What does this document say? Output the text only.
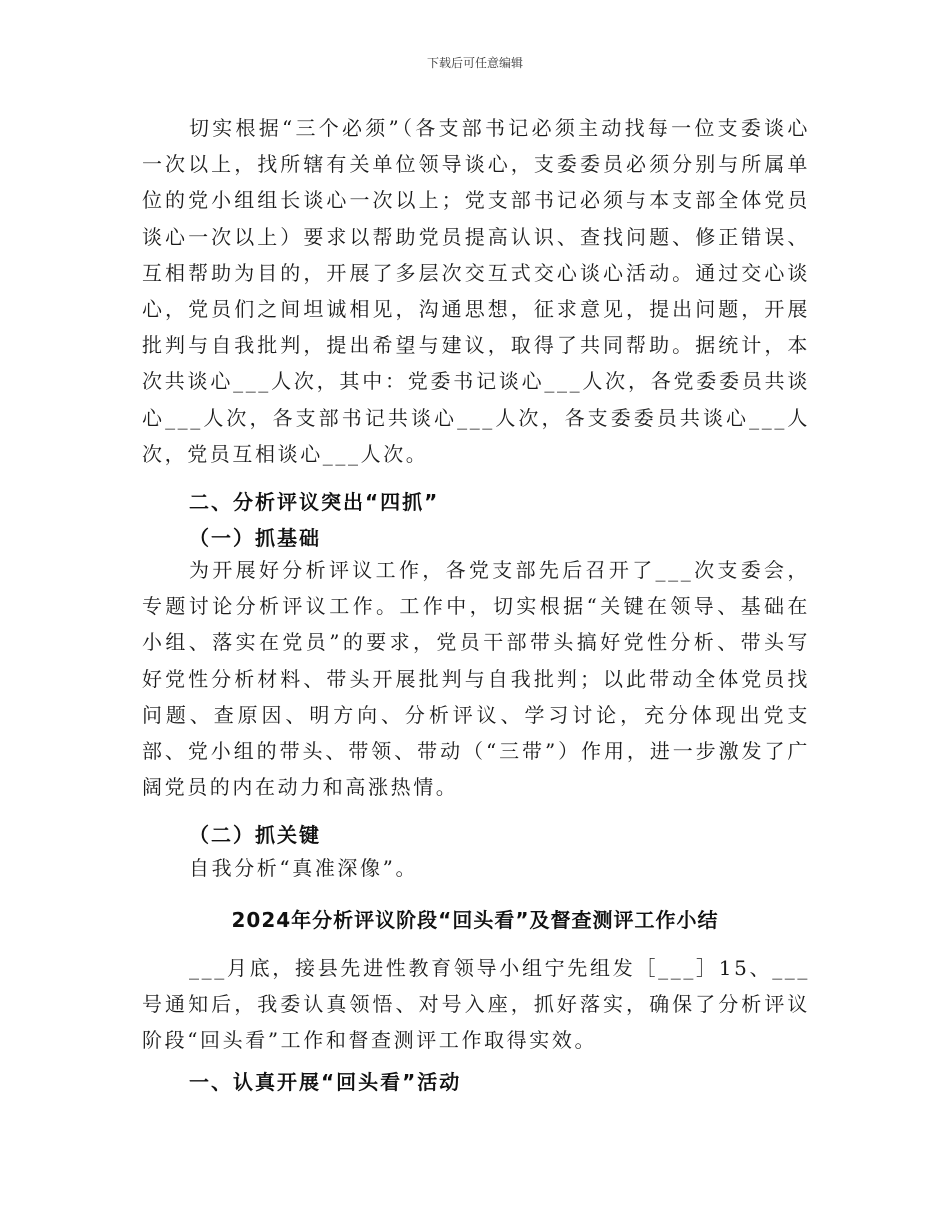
下载后可任意编辑

切实根据“三个必须”（各支部书记必须主动找每一位支委谈心一次以上，找所辖有关单位领导谈心，支委委员必须分别与所属单位的党小组组长谈心一次以上；党支部书记必须与本支部全体党员谈心一次以上）要求以帮助党员提高认识、查找问题、修正错误、互相帮助为目的，开展了多层次交互式交心谈心活动。通过交心谈心，党员们之间坦诚相见，沟通思想，征求意见，提出问题，开展批判与自我批判，提出希望与建议，取得了共同帮助。据统计，本次共谈心___人次，其中：党委书记谈心___人次，各党委委员共谈心___人次，各支部书记共谈心___人次，各支委委员共谈心___人次，党员互相谈心___人次。

二、分析评议突出“四抓”
（一）抓基础

为开展好分析评议工作，各党支部先后召开了___次支委会，专题讨论分析评议工作。工作中，切实根据“关键在领导、基础在小组、落实在党员”的要求，党员干部带头搞好党性分析、带头写好党性分析材料、带头开展批判与自我批判；以此带动全体党员找问题、查原因、明方向、分析评议、学习讨论，充分体现出党支部、党小组的带头、带领、带动（“三带”）作用，进一步激发了广阔党员的内在动力和高涨热情。

（二）抓关键

自我分析“真准深像”。

2024年分析评议阶段“回头看”及督查测评工作小结

___月底，接县先进性教育领导小组宁先组发［___］15、___号通知后，我委认真领悟、对号入座，抓好落实，确保了分析评议阶段“回头看”工作和督查测评工作取得实效。

一、认真开展“回头看”活动
